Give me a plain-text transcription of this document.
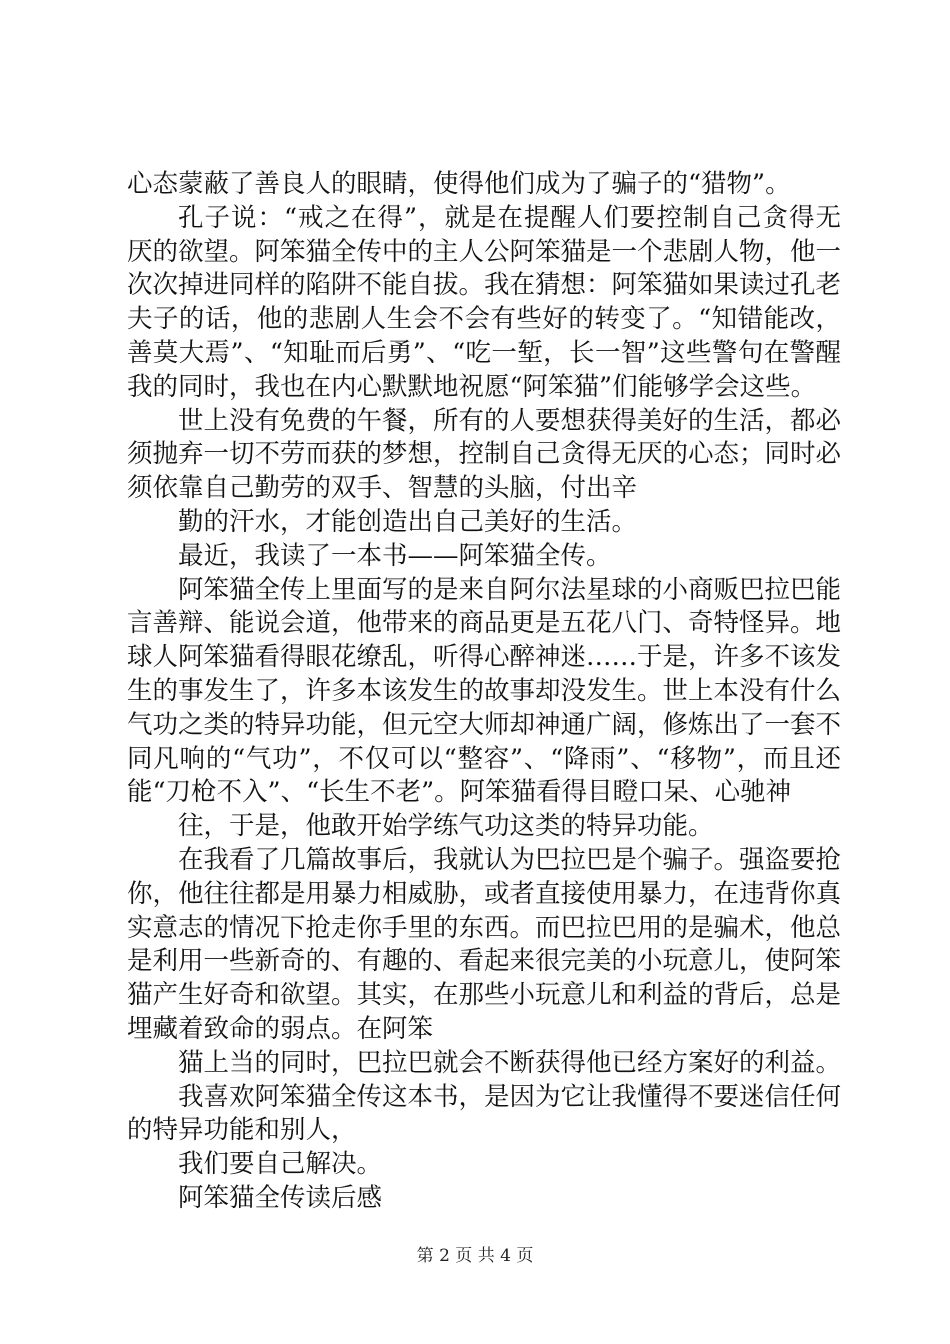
心态蒙蔽了善良人的眼睛，使得他们成为了骗子的“猎物”。

孔子说：“戒之在得”，就是在提醒人们要控制自己贪得无厌的欲望。阿笨猫全传中的主人公阿笨猫是一个悲剧人物，他一次次掉进同样的陷阱不能自拔。我在猜想：阿笨猫如果读过孔老夫子的话，他的悲剧人生会不会有些好的转变了。“知错能改，善莫大焉”、“知耻而后勇”、“吃一堑，长一智”这些警句在警醒我的同时，我也在内心默默地祝愿“阿笨猫”们能够学会这些。

世上没有免费的午餐，所有的人要想获得美好的生活，都必须抛弃一切不劳而获的梦想，控制自己贪得无厌的心态；同时必须依靠自己勤劳的双手、智慧的头脑，付出辛

勤的汗水，才能创造出自己美好的生活。

最近，我读了一本书——阿笨猫全传。

阿笨猫全传上里面写的是来自阿尔法星球的小商贩巴拉巴能言善辩、能说会道，他带来的商品更是五花八门、奇特怪异。地球人阿笨猫看得眼花缭乱，听得心醉神迷……于是，许多不该发生的事发生了，许多本该发生的故事却没发生。世上本没有什么气功之类的特异功能，但元空大师却神通广阔，修炼出了一套不同凡响的“气功”，不仅可以“整容”、“降雨”、“移物”，而且还能“刀枪不入”、“长生不老”。阿笨猫看得目瞪口呆、心驰神

往，于是，他敢开始学练气功这类的特异功能。

在我看了几篇故事后，我就认为巴拉巴是个骗子。强盗要抢你，他往往都是用暴力相威胁，或者直接使用暴力，在违背你真实意志的情况下抢走你手里的东西。而巴拉巴用的是骗术，他总是利用一些新奇的、有趣的、看起来很完美的小玩意儿，使阿笨猫产生好奇和欲望。其实，在那些小玩意儿和利益的背后，总是埋藏着致命的弱点。在阿笨

猫上当的同时，巴拉巴就会不断获得他已经方案好的利益。

我喜欢阿笨猫全传这本书，是因为它让我懂得不要迷信任何的特异功能和别人，

我们要自己解决。

阿笨猫全传读后感

第 2 页 共 4 页
